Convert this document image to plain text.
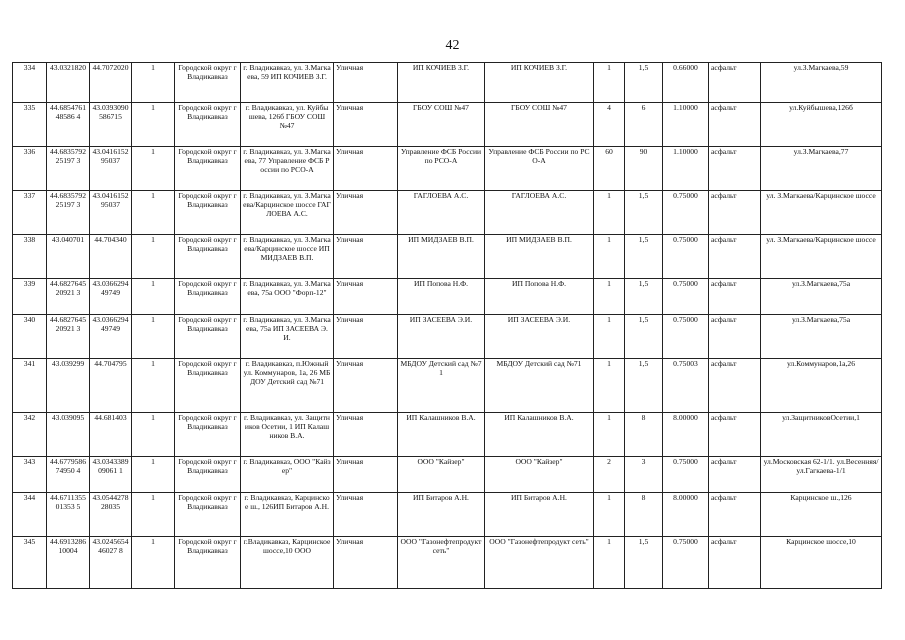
42
334	43.0321820	44.7072020	1	Городской округ г Владикавказ	г. Владикавказ, ул. З.Магкаева, 59 ИП КОЧИЕВ З.Г.	Уличная	ИП КОЧИЕВ З.Г.	ИП КОЧИЕВ З.Г.	1	1,5	0.66000	асфальт	ул.З.Магкаева,59
335	44.685476148586 4	43.0393090586715	1	Городской округ г Владикавказ	г. Владикавказ, ул. Куйбышева, 126б ГБОУ СОШ №47	Уличная	ГБОУ СОШ №47	ГБОУ СОШ №47	4	6	1.10000	асфальт	ул.Куйбышева,126б
336	44.683579225197 3	43.041615295037	1	Городской округ г Владикавказ	г. Владикавказ, ул. З.Магкаева, 77 Управление ФСБ России по РСО-А	Уличная	Управление ФСБ России по РСО-А	Управление ФСБ России по РСО-А	60	90	1.10000	асфальт	ул.З.Магкаева,77
337	44.683579225197 3	43.041615295037	1	Городской округ г Владикавказ	г. Владикавказ, ул. З.Магкаева/Карцинское шоссе ГАГЛОЕВА А.С.	Уличная	ГАГЛОЕВА А.С.	ГАГЛОЕВА А.С.	1	1,5	0.75000	асфальт	ул. З.Магкаева/Карцинское шоссе
338	43.040701	44.704340	1	Городской округ г Владикавказ	г. Владикавказ, ул. З.Магкаева/Карцинское шоссе ИП МИДЗАЕВ В.П.	Уличная	ИП МИДЗАЕВ В.П.	ИП МИДЗАЕВ В.П.	1	1,5	0.75000	асфальт	ул. З.Магкаева/Карцинское шоссе
339	44.682764520921 3	43.036629449749	1	Городской округ г Владикавказ	г. Владикавказ, ул. З.Магкаева, 75а ООО "Форп-12"	Уличная	ИП Попова Н.Ф.	ИП Попова Н.Ф.	1	1,5	0.75000	асфальт	ул.З.Магкаева,75а
340	44.682764520921 3	43.036629449749	1	Городской округ г Владикавказ	г. Владикавказ, ул. З.Магкаева, 75а ИП ЗАСЕЕВА Э.И.	Уличная	ИП ЗАСЕЕВА Э.И.	ИП ЗАСЕЕВА Э.И.	1	1,5	0.75000	асфальт	ул.З.Магкаева,75а
341	43.039299	44.704795	1	Городской округ г Владикавказ	г. Владикавказ, п.Южный ул. Коммунаров, 1а, 26 МБДОУ Детский сад №71	Уличная	МБДОУ Детский сад №71	МБДОУ Детский сад №71	1	1,5	0.75003	асфальт	ул.Коммунаров,1а,26
342	43.039095	44.681403	1	Городской округ г Владикавказ	г. Владикавказ, ул. Защитников Осетии, 1 ИП Калашников В.А.	Уличная	ИП Калашников В.А.	ИП Калашников В.А.	1	8	8.00000	асфальт	ул.ЗащитниковОсетии,1
343	44.677958674950 4	43.034338909061 1	1	Городской округ г Владикавказ	г. Владикавказ, ООО "Кайзер"	Уличная	ООО "Кайзер"	ООО "Кайзер"	2	3	0.75000	асфальт	ул.Московская 62-1/1. ул.Весенняя/ул.Гагкаева-1/1
344	44.671135501353 5	43.054427828035	1	Городской округ г Владикавказ	г. Владикавказ, Карцинское ш., 126ИП Битаров А.Н.	Уличная	ИП Битаров А.Н.	ИП Битаров А.Н.	1	8	8.00000	асфальт	Карцинское ш.,126
345	44.691328610004	43.024565446027 8	1	Городской округ г Владикавказ	г.Владикавказ, Карцинское шоссе,10 ООО	Уличная	ООО "Газонефтепродукт сеть"	ООО "Газонефтепродукт сеть"	1	1,5	0.75000	асфальт	Карцинское шоссе,10
